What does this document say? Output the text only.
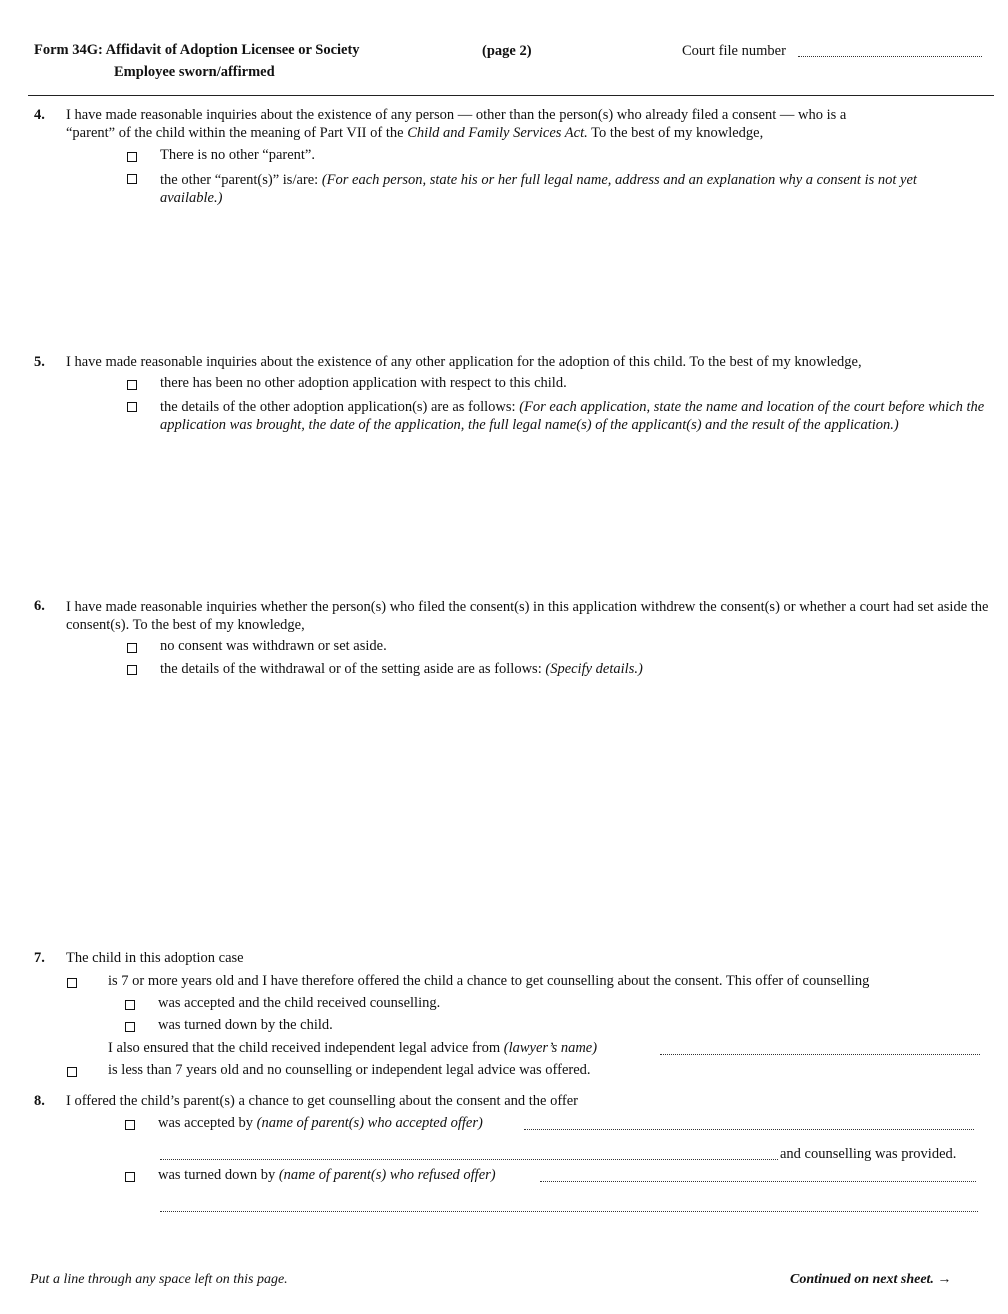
Form 34G: Affidavit of Adoption Licensee or Society
Employee sworn/affirmed
(page 2)	Court file number
4. I have made reasonable inquiries about the existence of any person — other than the person(s) who already filed a consent — who is a
“parent” of the child within the meaning of Part VII of the Child and Family Services Act. To the best of my knowledge,
There is no other “parent”.
the other “parent(s)” is/are: (For each person, state his or her full legal name, address and an explanation why a consent is not yet available.)
5. I have made reasonable inquiries about the existence of any other application for the adoption of this child. To the best of my knowledge,
there has been no other adoption application with respect to this child.
the details of the other adoption application(s) are as follows: (For each application, state the name and location of the court before which the application was brought, the date of the application, the full legal name(s) of the applicant(s) and the result of the application.)
6. I have made reasonable inquiries whether the person(s) who filed the consent(s) in this application withdrew the consent(s) or whether a court had set aside the consent(s). To the best of my knowledge,
no consent was withdrawn or set aside.
the details of the withdrawal or of the setting aside are as follows: (Specify details.)
7. The child in this adoption case
is 7 or more years old and I have therefore offered the child a chance to get counselling about the consent. This offer of counselling
was accepted and the child received counselling.
was turned down by the child.
I also ensured that the child received independent legal advice from (lawyer’s name)
is less than 7 years old and no counselling or independent legal advice was offered.
8. I offered the child’s parent(s) a chance to get counselling about the consent and the offer
was accepted by (name of parent(s) who accepted offer)
and counselling was provided.
was turned down by (name of parent(s) who refused offer)
Put a line through any space left on this page.	Continued on next sheet. →
